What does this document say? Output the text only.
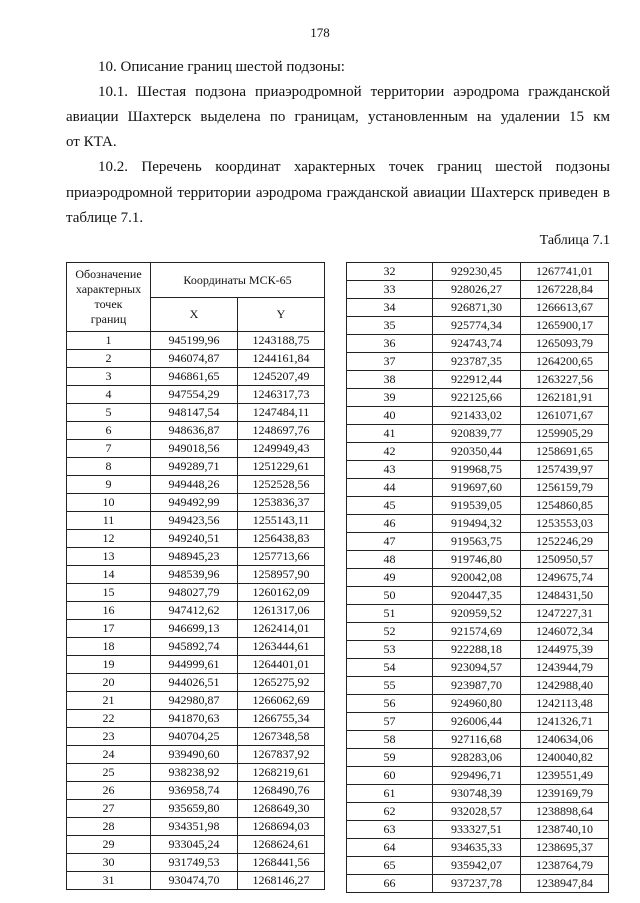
178

10. Описание границ шестой подзоны:

10.1. Шестая подзона приаэродромной территории аэродрома гражданской

авиации Шахтерск выделена по границам, установленным на удалении 15 км

от КТА.

10.2. Перечень координат характерных точек границ шестой подзоны

приаэродромной территории аэродрома гражданской авиации Шахтерск приведен в

таблице 7.1.

Таблица 7.1
Обозначение
характерных
точек
границ	Координаты МСК-65	
	X	Y
1	945199,96	1243188,75
2	946074,87	1244161,84
3	946861,65	1245207,49
4	947554,29	1246317,73
5	948147,54	1247484,11
6	948636,87	1248697,76
7	949018,56	1249949,43
8	949289,71	1251229,61
9	949448,26	1252528,56
10	949492,99	1253836,37
11	949423,56	1255143,11
12	949240,51	1256438,83
13	948945,23	1257713,66
14	948539,96	1258957,90
15	948027,79	1260162,09
16	947412,62	1261317,06
17	946699,13	1262414,01
18	945892,74	1263444,61
19	944999,61	1264401,01
20	944026,51	1265275,92
21	942980,87	1266062,69
22	941870,63	1266755,34
23	940704,25	1267348,58
24	939490,60	1267837,92
25	938238,92	1268219,61
26	936958,74	1268490,76
27	935659,80	1268649,30
28	934351,98	1268694,03
29	933045,24	1268624,61
30	931749,53	1268441,56
31	930474,70	1268146,27
32	929230,45	1267741,01
33	928026,27	1267228,84
34	926871,30	1266613,67
35	925774,34	1265900,17
36	924743,74	1265093,79
37	923787,35	1264200,65
38	922912,44	1263227,56
39	922125,66	1262181,91
40	921433,02	1261071,67
41	920839,77	1259905,29
42	920350,44	1258691,65
43	919968,75	1257439,97
44	919697,60	1256159,79
45	919539,05	1254860,85
46	919494,32	1253553,03
47	919563,75	1252246,29
48	919746,80	1250950,57
49	920042,08	1249675,74
50	920447,35	1248431,50
51	920959,52	1247227,31
52	921574,69	1246072,34
53	922288,18	1244975,39
54	923094,57	1243944,79
55	923987,70	1242988,40
56	924960,80	1242113,48
57	926006,44	1241326,71
58	927116,68	1240634,06
59	928283,06	1240040,82
60	929496,71	1239551,49
61	930748,39	1239169,79
62	932028,57	1238898,64
63	933327,51	1238740,10
64	934635,33	1238695,37
65	935942,07	1238764,79
66	937237,78	1238947,84
